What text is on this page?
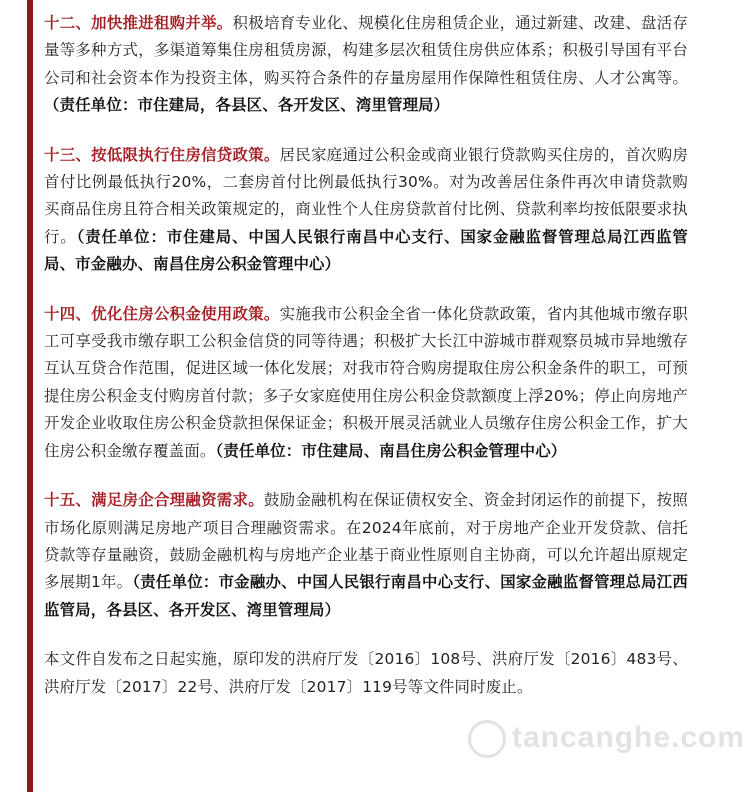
十二、加快推进租购并举。积极培育专业化、规模化住房租赁企业，通过新建、改建、盘活存量等多种方式，多渠道筹集住房租赁房源，构建多层次租赁住房供应体系；积极引导国有平台公司和社会资本作为投资主体，购买符合条件的存量房屋用作保障性租赁住房、人才公寓等。（责任单位：市住建局，各县区、各开发区、湾里管理局）

十三、按低限执行住房信贷政策。居民家庭通过公积金或商业银行贷款购买住房的，首次购房首付比例最低执行20%，二套房首付比例最低执行30%。对为改善居住条件再次申请贷款购买商品住房且符合相关政策规定的，商业性个人住房贷款首付比例、贷款利率均按低限要求执行。（责任单位：市住建局、中国人民银行南昌中心支行、国家金融监督管理总局江西监管局、市金融办、南昌住房公积金管理中心）

十四、优化住房公积金使用政策。实施我市公积金全省一体化贷款政策，省内其他城市缴存职工可享受我市缴存职工公积金信贷的同等待遇；积极扩大长江中游城市群观察员城市异地缴存互认互贷合作范围，促进区域一体化发展；对我市符合购房提取住房公积金条件的职工，可预提住房公积金支付购房首付款；多子女家庭使用住房公积金贷款额度上浮20%；停止向房地产开发企业收取住房公积金贷款担保保证金；积极开展灵活就业人员缴存住房公积金工作，扩大住房公积金缴存覆盖面。（责任单位：市住建局、南昌住房公积金管理中心）

十五、满足房企合理融资需求。鼓励金融机构在保证债权安全、资金封闭运作的前提下，按照市场化原则满足房地产项目合理融资需求。在2024年底前，对于房地产企业开发贷款、信托贷款等存量融资，鼓励金融机构与房地产企业基于商业性原则自主协商，可以允许超出原规定多展期1年。（责任单位：市金融办、中国人民银行南昌中心支行、国家金融监督管理总局江西监管局，各县区、各开发区、湾里管理局）

本文件自发布之日起实施，原印发的洪府厅发〔2016〕108号、洪府厅发〔2016〕483号、洪府厅发〔2017〕22号、洪府厅发〔2017〕119号等文件同时废止。

tancanghe.com
